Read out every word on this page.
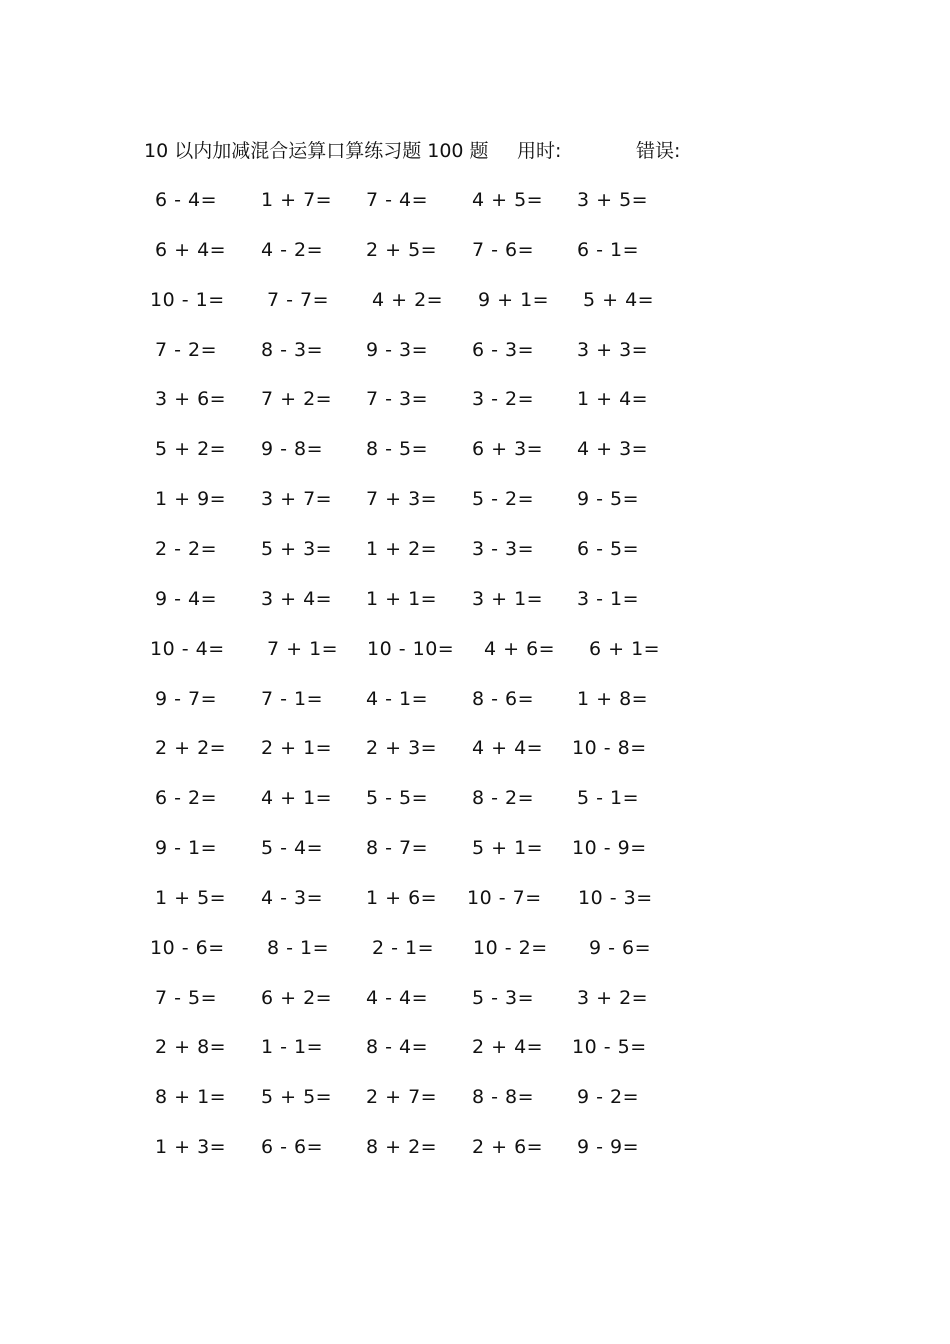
10 以内加减混合运算口算练习题 100 题 用时:	错误:
6 - 4= 1 + 7= 7 - 4= 4 + 5= 3 + 5=
6 + 4= 4 - 2= 2 + 5= 7 - 6= 6 - 1=
10 - 1= 7 - 7= 4 + 2= 9 + 1= 5 + 4=
7 - 2= 8 - 3= 9 - 3= 6 - 3= 3 + 3=
3 + 6= 7 + 2= 7 - 3= 3 - 2= 1 + 4=
5 + 2= 9 - 8= 8 - 5= 6 + 3= 4 + 3=
1 + 9= 3 + 7= 7 + 3= 5 - 2= 9 - 5=
2 - 2= 5 + 3= 1 + 2= 3 - 3= 6 - 5=
9 - 4= 3 + 4= 1 + 1= 3 + 1= 3 - 1=
10 - 4= 7 + 1= 10 - 10= 4 + 6= 6 + 1=
9 - 7= 7 - 1= 4 - 1= 8 - 6= 1 + 8=
2 + 2= 2 + 1= 2 + 3= 4 + 4= 10 - 8=
6 - 2= 4 + 1= 5 - 5= 8 - 2= 5 - 1=
9 - 1= 5 - 4= 8 - 7= 5 + 1= 10 - 9=
1 + 5= 4 - 3= 1 + 6= 10 - 7= 10 - 3=
10 - 6= 8 - 1= 2 - 1= 10 - 2= 9 - 6=
7 - 5= 6 + 2= 4 - 4= 5 - 3= 3 + 2=
2 + 8= 1 - 1= 8 - 4= 2 + 4= 10 - 5=
8 + 1= 5 + 5= 2 + 7= 8 - 8= 9 - 2=
1 + 3= 6 - 6= 8 + 2= 2 + 6= 9 - 9=
